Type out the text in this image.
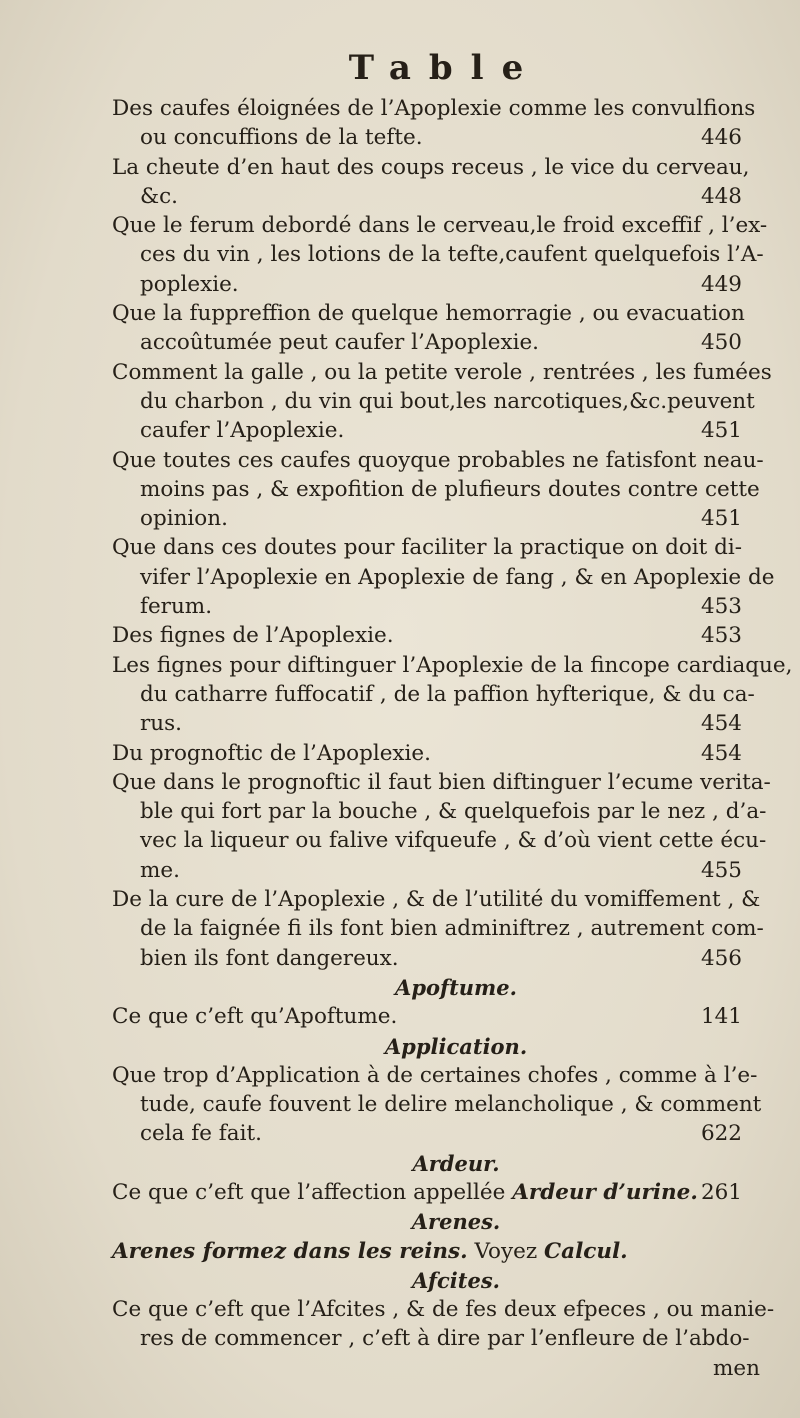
Table
Des caufes éloignées de l’Apoplexie comme les convulfions
ou concuffions de la tefte.	446
La cheute d’en haut des coups receus , le vice du cerveau,
&c.	448
Que le ferum debordé dans le cerveau,le froid exceffif , l’ex-
ces du vin , les lotions de la tefte,caufent quelquefois l’A-
poplexie.	449
Que la fuppreffion de quelque hemorragie , ou evacuation
accoûtumée peut caufer l’Apoplexie.	450
Comment la galle , ou la petite verole , rentrées , les fumées
du charbon , du vin qui bout,les narcotiques,&c.peuvent
caufer l’Apoplexie.	451
Que toutes ces caufes quoyque probables ne fatisfont neau-
moins pas , & expofition de plufieurs doutes contre cette
opinion.	451
Que dans ces doutes pour faciliter la practique on doit di-
vifer l’Apoplexie en Apoplexie de fang , & en Apoplexie de
ferum.	453
Des fignes de l’Apoplexie.	453
Les fignes pour diftinguer l’Apoplexie de la fincope cardiaque,
du catharre fuffocatif , de la paffion hyfterique, & du ca-
rus.	454
Du prognoftic de l’Apoplexie.	454
Que dans le prognoftic il faut bien diftinguer l’ecume verita-
ble qui fort par la bouche , & quelquefois par le nez , d’a-
vec la liqueur ou falive vifqueufe , & d’où vient cette écu-
me.	455
De la cure de l’Apoplexie , & de l’utilité du vomiffement , &
de la faignée fi ils font bien adminiftrez , autrement com-
bien ils font dangereux.	456
Apoftume.
Ce que c’eft qu’Apoftume.	141
Application.
Que trop d’Application à de certaines chofes , comme à l’e-
tude, caufe fouvent le delire melancholique , & comment
cela fe fait.	622
Ardeur.
Ce que c’eft que l’affection appellée Ardeur d’urine. 261
Arenes.
Arenes formez dans les reins. Voyez Calcul.
Afcites.
Ce que c’eft que l’Afcites , & de fes deux efpeces , ou manie-
res de commencer , c’eft à dire par l’enfleure de l’abdo-
men
